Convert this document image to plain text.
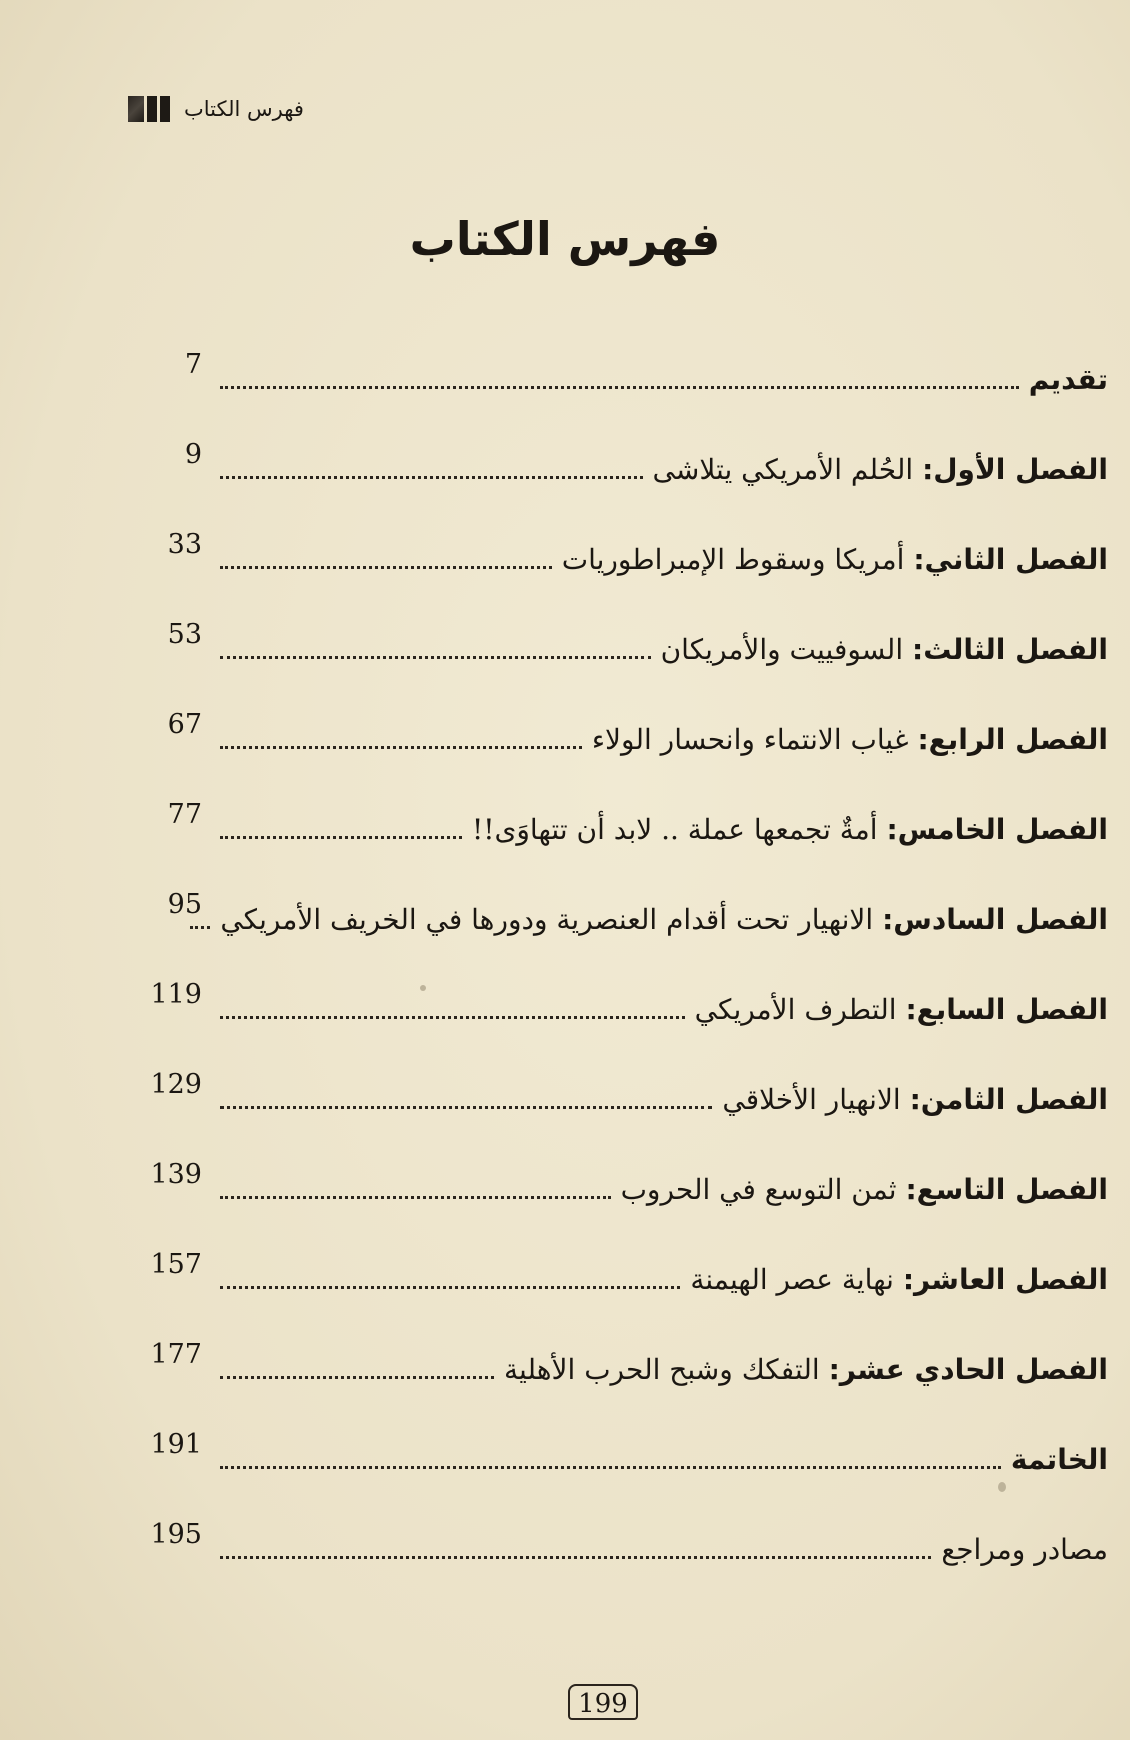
فهرس الكتاب
فهرس الكتاب
تقديم
7
الفصل الأول: الحُلم الأمريكي يتلاشى
9
الفصل الثاني: أمريكا وسقوط الإمبراطوريات
33
الفصل الثالث: السوفييت والأمريكان
53
الفصل الرابع: غياب الانتماء وانحسار الولاء
67
الفصل الخامس: أمةٌ تجمعها عملة .. لابد أن تتهاوَى!!
77
الفصل السادس: الانهيار تحت أقدام العنصرية ودورها في الخريف الأمريكي
95
الفصل السابع: التطرف الأمريكي
119
الفصل الثامن: الانهيار الأخلاقي
129
الفصل التاسع: ثمن التوسع في الحروب
139
الفصل العاشر: نهاية عصر الهيمنة
157
الفصل الحادي عشر: التفكك وشبح الحرب الأهلية
177
الخاتمة
191
مصادر ومراجع
195
199
